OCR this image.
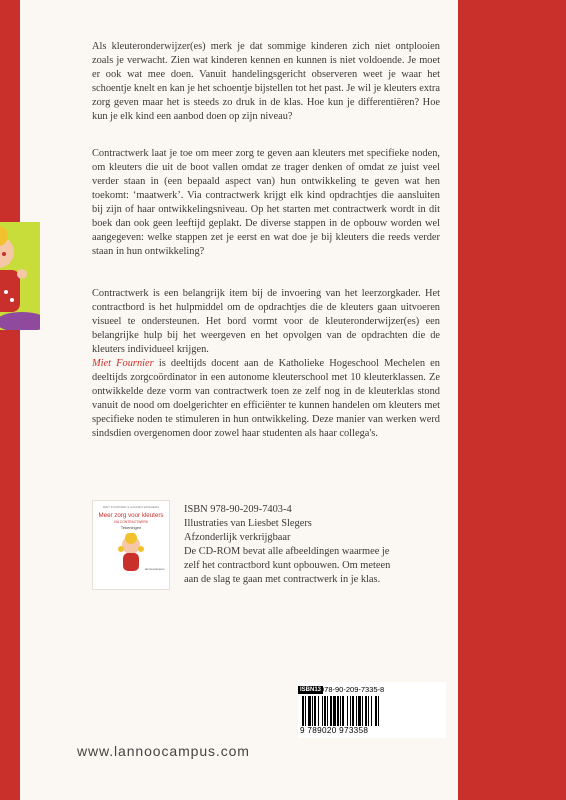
Als kleuteronderwijzer(es) merk je dat sommige kinderen zich niet ontplooien zoals je verwacht. Zien wat kinderen kennen en kunnen is niet voldoende. Je moet er ook wat mee doen. Vanuit handelingsgericht observeren weet je waar het schoentje knelt en kan je het schoentje bijstellen tot het past. Je wil je kleuters extra zorg geven maar het is steeds zo druk in de klas. Hoe kun je differentiëren? Hoe kun je elk kind een aanbod doen op zijn niveau?

Contractwerk laat je toe om meer zorg te geven aan kleuters met specifieke noden, om kleuters die uit de boot vallen omdat ze trager denken of omdat ze juist veel verder staan in (een bepaald aspect van) hun ontwikkeling te geven wat hen toekomt: ‘maatwerk’. Via contractwerk krijgt elk kind opdrachtjes die aansluiten bij zijn of haar ontwikkelingsniveau. Op het starten met contractwerk wordt in dit boek dan ook geen leeftijd geplakt. De diverse stappen in de opbouw worden wel aangegeven: welke stappen zet je eerst en wat doe je bij kleuters die reeds verder staan in hun ontwikkeling?

Contractwerk is een belangrijk item bij de invoering van het leerzorgkader. Het contractbord is het hulpmiddel om de opdrachtjes die de kleuters gaan uitvoeren visueel te ondersteunen. Het bord vormt voor de kleuteronderwijzer(es) een belangrijke hulp bij het weergeven en het opvolgen van de opdrachten die de kleuters individueel krijgen.

Miet Fournier is deeltijds docent aan de Katholieke Hogeschool Mechelen en deeltijds zorgcoördinator in een autonome kleuterschool met 10 kleuterklassen. Ze ontwikkelde deze vorm van contractwerk toen ze zelf nog in de kleuterklas stond vanuit de nood om doelgerichter en efficiënter te kunnen handelen om kleuters met specifieke noden te stimuleren in hun ontwikkeling. Deze manier van werken werd sindsdien overgenomen door zowel haar studenten als haar collega's.

MIET FOURNIER & HANNEN EINDHERS
Meer zorg voor kleuters
VIA CONTRACTWERK
Tekeningen
lannoocampus
ISBN 978-90-209-7403-4
Illustraties van Liesbet Slegers
Afzonderlijk verkrijgbaar
De CD-ROM bevat alle afbeeldingen waarmee je
zelf het contractbord kunt opbouwen. Om meteen
aan de slag te gaan met contractwerk in je klas.
ISBN13
978-90-209-7335-8
9 789020 973358
www.lannoocampus.com
